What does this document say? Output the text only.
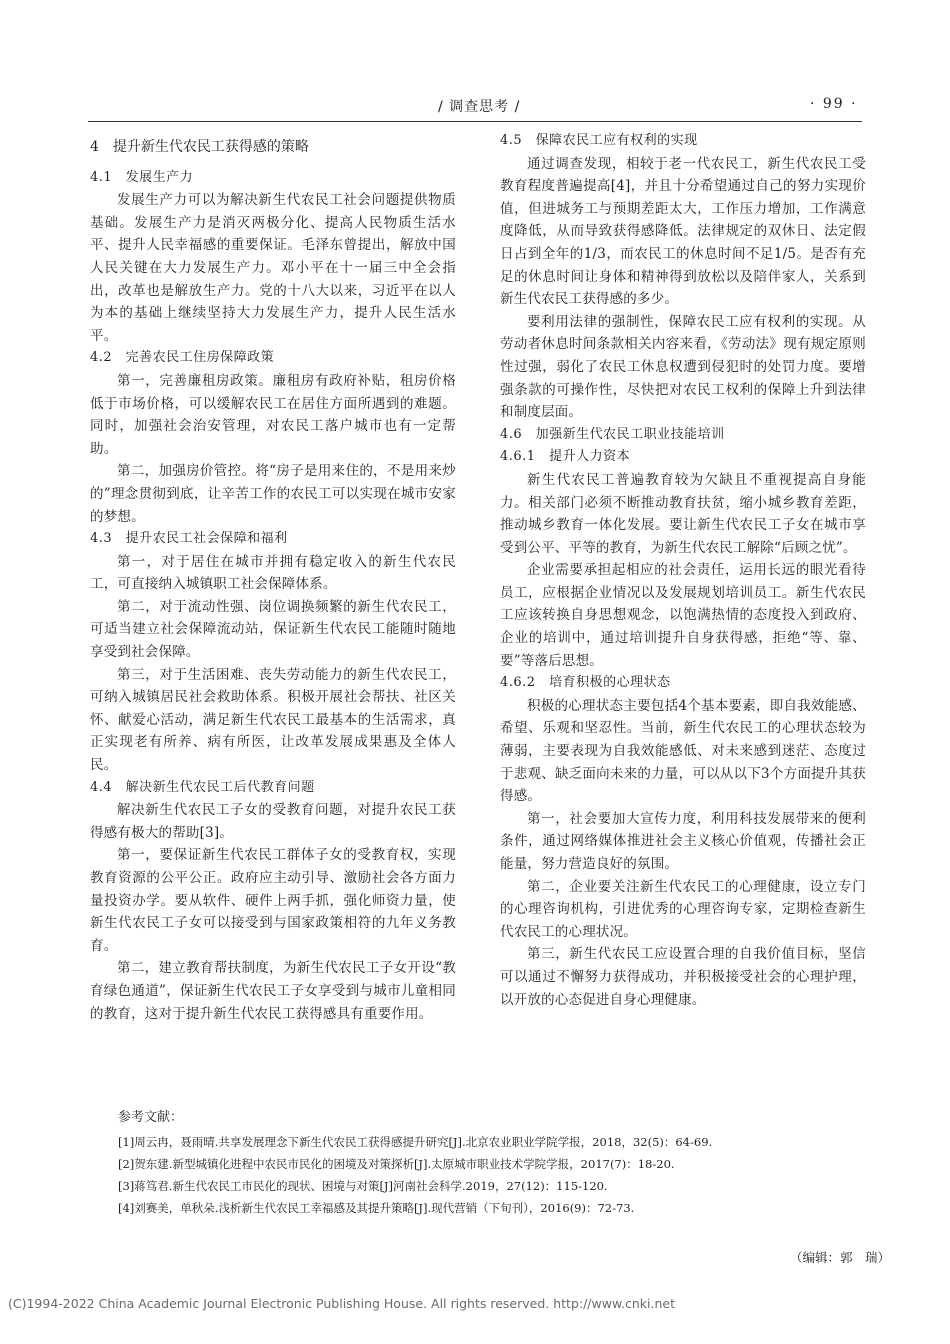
/ 调查思考 /	· 99 ·
4　提升新生代农民工获得感的策略
4.1　发展生产力

发展生产力可以为解决新生代农民工社会问题提供物质基础。发展生产力是消灭两极分化、提高人民物质生活水平、提升人民幸福感的重要保证。毛泽东曾提出，解放中国人民关键在大力发展生产力。邓小平在十一届三中全会指出，改革也是解放生产力。党的十八大以来，习近平在以人为本的基础上继续坚持大力发展生产力，提升人民生活水平。

4.2　完善农民工住房保障政策

第一，完善廉租房政策。廉租房有政府补贴，租房价格低于市场价格，可以缓解农民工在居住方面所遇到的难题。同时，加强社会治安管理，对农民工落户城市也有一定帮助。

第二，加强房价管控。将“房子是用来住的，不是用来炒的”理念贯彻到底，让辛苦工作的农民工可以实现在城市安家的梦想。

4.3　提升农民工社会保障和福利

第一，对于居住在城市并拥有稳定收入的新生代农民工，可直接纳入城镇职工社会保障体系。

第二，对于流动性强、岗位调换频繁的新生代农民工，可适当建立社会保障流动站，保证新生代农民工能随时随地享受到社会保障。

第三，对于生活困难、丧失劳动能力的新生代农民工，可纳入城镇居民社会救助体系。积极开展社会帮扶、社区关怀、献爱心活动，满足新生代农民工最基本的生活需求，真正实现老有所养、病有所医，让改革发展成果惠及全体人民。

4.4　解决新生代农民工后代教育问题

解决新生代农民工子女的受教育问题，对提升农民工获得感有极大的帮助[3]。

第一，要保证新生代农民工群体子女的受教育权，实现教育资源的公平公正。政府应主动引导、激励社会各方面力量投资办学。要从软件、硬件上两手抓，强化师资力量，使新生代农民工子女可以接受到与国家政策相符的九年义务教育。

第二，建立教育帮扶制度，为新生代农民工子女开设“教育绿色通道”，保证新生代农民工子女享受到与城市儿童相同的教育，这对于提升新生代农民工获得感具有重要作用。

4.5　保障农民工应有权利的实现

通过调查发现，相较于老一代农民工，新生代农民工受教育程度普遍提高[4]，并且十分希望通过自己的努力实现价值，但进城务工与预期差距太大，工作压力增加，工作满意度降低，从而导致获得感降低。法律规定的双休日、法定假日占到全年的1/3，而农民工的休息时间不足1/5。是否有充足的休息时间让身体和精神得到放松以及陪伴家人，关系到新生代农民工获得感的多少。

要利用法律的强制性，保障农民工应有权利的实现。从劳动者休息时间条款相关内容来看，《劳动法》现有规定原则性过强，弱化了农民工休息权遭到侵犯时的处罚力度。要增强条款的可操作性，尽快把对农民工权利的保障上升到法律和制度层面。

4.6　加强新生代农民工职业技能培训
4.6.1　提升人力资本

新生代农民工普遍教育较为欠缺且不重视提高自身能力。相关部门必须不断推动教育扶贫，缩小城乡教育差距，推动城乡教育一体化发展。要让新生代农民工子女在城市享受到公平、平等的教育，为新生代农民工解除“后顾之忧”。

企业需要承担起相应的社会责任，运用长远的眼光看待员工，应根据企业情况以及发展规划培训员工。新生代农民工应该转换自身思想观念，以饱满热情的态度投入到政府、企业的培训中，通过培训提升自身获得感，拒绝“等、靠、要”等落后思想。

4.6.2　培育积极的心理状态

积极的心理状态主要包括4个基本要素，即自我效能感、希望、乐观和坚忍性。当前，新生代农民工的心理状态较为薄弱，主要表现为自我效能感低、对未来感到迷茫、态度过于悲观、缺乏面向未来的力量，可以从以下3个方面提升其获得感。

第一，社会要加大宣传力度，利用科技发展带来的便利条件，通过网络媒体推进社会主义核心价值观，传播社会正能量，努力营造良好的氛围。

第二，企业要关注新生代农民工的心理健康，设立专门的心理咨询机构，引进优秀的心理咨询专家，定期检查新生代农民工的心理状况。

第三，新生代农民工应设置合理的自我价值目标，坚信可以通过不懈努力获得成功，并积极接受社会的心理护理，以开放的心态促进自身心理健康。

参考文献：
[1]周云冉，聂雨晴.共享发展理念下新生代农民工获得感提升研究[J].北京农业职业学院学报，2018，32(5)：64-69.
[2]贺东建.新型城镇化进程中农民市民化的困境及对策探析[J].太原城市职业技术学院学报，2017(7)：18-20.
[3]蒋笃君.新生代农民工市民化的现状、困境与对策[J]河南社会科学.2019，27(12)：115-120.
[4]刘赛美，单秋朵.浅析新生代农民工幸福感及其提升策略[J].现代营销（下旬刊），2016(9)：72-73.
（编辑：郭　瑞）
(C)1994-2022 China Academic Journal Electronic Publishing House. All rights reserved. http://www.cnki.net
